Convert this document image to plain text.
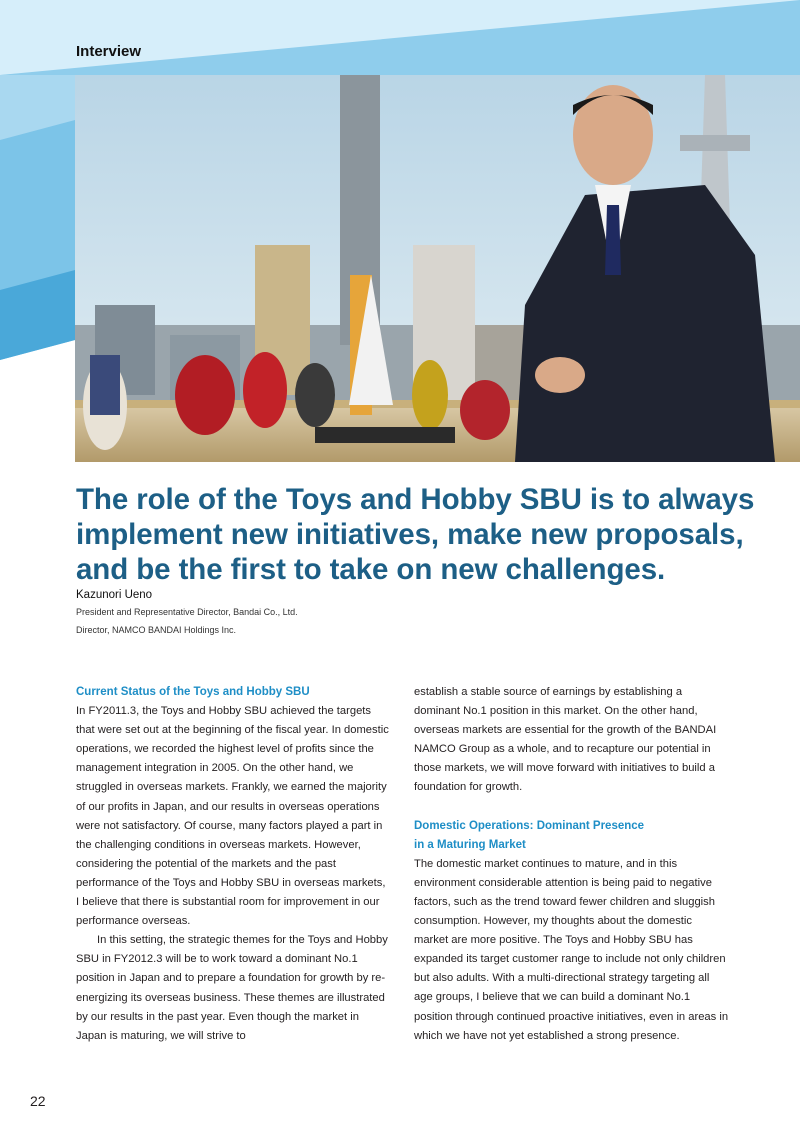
Interview
The role of the Toys and Hobby SBU is to always
implement new initiatives, make new proposals,
and be the first to take on new challenges.
Kazunori Ueno
President and Representative Director, Bandai Co., Ltd.
Director, NAMCO BANDAI Holdings Inc.
Current Status of the Toys and Hobby SBU

In FY2011.3, the Toys and Hobby SBU achieved the targets that were set out at the beginning of the fiscal year. In domestic operations, we recorded the highest level of profits since the management integration in 2005. On the other hand, we struggled in overseas markets. Frankly, we earned the majority of our profits in Japan, and our results in overseas operations were not satisfactory. Of course, many factors played a part in the challenging conditions in overseas markets. However, considering the potential of the markets and the past performance of the Toys and Hobby SBU in overseas markets, I believe that there is substantial room for improvement in our performance overseas.

In this setting, the strategic themes for the Toys and Hobby SBU in FY2012.3 will be to work toward a dominant No.1 position in Japan and to prepare a foundation for growth by re-energizing its overseas business. These themes are illustrated by our results in the past year. Even though the market in Japan is maturing, we will strive to

establish a stable source of earnings by establishing a dominant No.1 position in this market. On the other hand, overseas markets are essential for the growth of the BANDAI NAMCO Group as a whole, and to recapture our potential in those markets, we will move forward with initiatives to build a foundation for growth.

Domestic Operations: Dominant Presence
in a Maturing Market

The domestic market continues to mature, and in this environment considerable attention is being paid to negative factors, such as the trend toward fewer children and sluggish consumption. However, my thoughts about the domestic market are more positive. The Toys and Hobby SBU has expanded its target customer range to include not only children but also adults. With a multi-directional strategy targeting all age groups, I believe that we can build a dominant No.1 position through continued proactive initiatives, even in areas in which we have not yet established a strong presence.

22
